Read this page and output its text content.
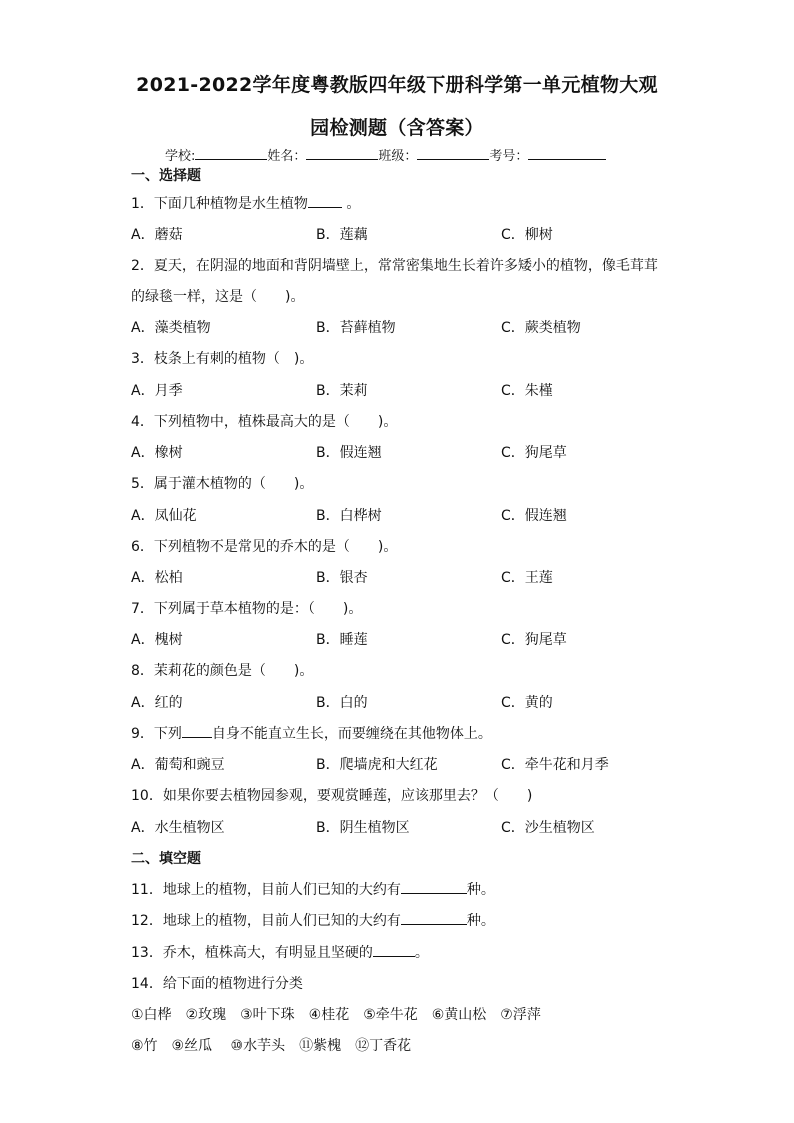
2021-2022学年度粤教版四年级下册科学第一单元植物大观
园检测题（含答案）
学校:	姓名：	班级：	考号：
一、选择题
1．下面几种植物是水生植物 。
A．蘑菇	B．莲藕	C．柳树
2．夏天，在阴湿的地面和背阴墙壁上，常常密集地生长着许多矮小的植物，像毛茸茸
的绿毯一样，这是（　　)。
A．藻类植物	B．苔藓植物	C．蕨类植物
3．枝条上有刺的植物（　)。
A．月季	B．茉莉	C．朱槿
4．下列植物中，植株最高大的是（　　)。
A．橡树	B．假连翘	C．狗尾草
5．属于灌木植物的（　　)。
A．凤仙花	B．白桦树	C．假连翘
6．下列植物不是常见的乔木的是（　　)。
A．松柏	B．银杏	C．王莲
7．下列属于草本植物的是：（　　)。
A．槐树	B．睡莲	C．狗尾草
8．茉莉花的颜色是（　　)。
A．红的	B．白的	C．黄的
9．下列 自身不能直立生长，而要缠绕在其他物体上。
A．葡萄和豌豆	B．爬墙虎和大红花	C．牵牛花和月季
10．如果你要去植物园参观，要观赏睡莲，应该那里去？（　　)
A．水生植物区	B．阴生植物区	C．沙生植物区
二、填空题
11．地球上的植物，目前人们已知的大约有	种。
12．地球上的植物，目前人们已知的大约有	种。
13．乔木，植株高大，有明显且坚硬的	。
14．给下面的植物进行分类
①白桦　②玫瑰　③叶下珠　④桂花　⑤牵牛花　⑥黄山松　⑦浮萍
⑧竹　⑨丝瓜　 ⑩水芋头　⑪紫槐　⑫丁香花
